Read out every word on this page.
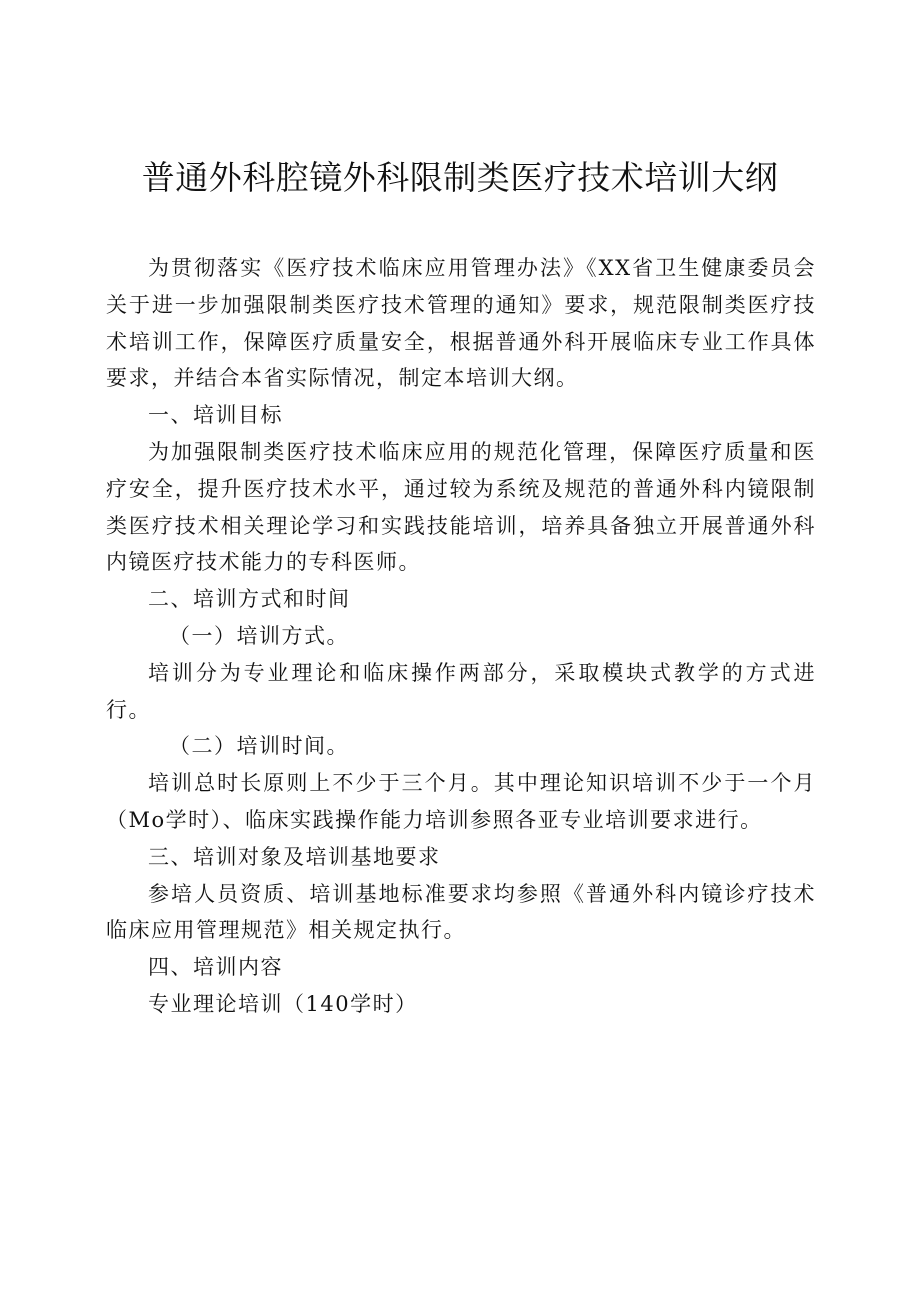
普通外科腔镜外科限制类医疗技术培训大纲

为贯彻落实《医疗技术临床应用管理办法》《XX省卫生健康委员会关于进一步加强限制类医疗技术管理的通知》要求，规范限制类医疗技术培训工作，保障医疗质量安全，根据普通外科开展临床专业工作具体要求，并结合本省实际情况，制定本培训大纲。

一、培训目标

为加强限制类医疗技术临床应用的规范化管理，保障医疗质量和医疗安全，提升医疗技术水平，通过较为系统及规范的普通外科内镜限制类医疗技术相关理论学习和实践技能培训，培养具备独立开展普通外科内镜医疗技术能力的专科医师。

二、培训方式和时间

（一）培训方式。

培训分为专业理论和临床操作两部分，采取模块式教学的方式进行。

（二）培训时间。

培训总时长原则上不少于三个月。其中理论知识培训不少于一个月（Mo学时）、临床实践操作能力培训参照各亚专业培训要求进行。

三、培训对象及培训基地要求

参培人员资质、培训基地标准要求均参照《普通外科内镜诊疗技术临床应用管理规范》相关规定执行。

四、培训内容

专业理论培训（140学时）
